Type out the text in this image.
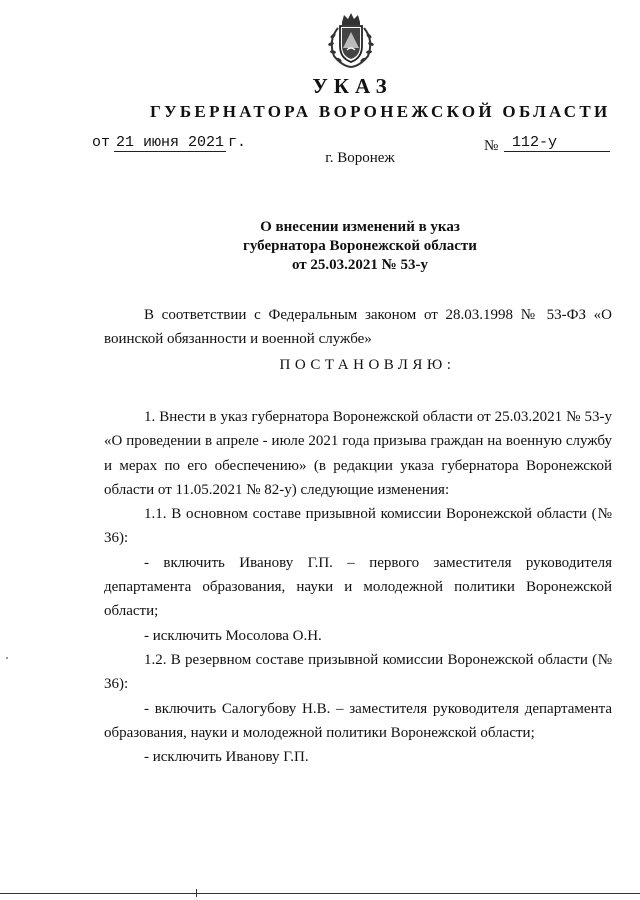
УКАЗ
ГУБЕРНАТОРА ВОРОНЕЖСКОЙ ОБЛАСТИ
от 21 июня 2021 г.	№ 112-у
г. Воронеж
О внесении изменений в указ
губернатора Воронежской области
от 25.03.2021 № 53-у

В соответствии с Федеральным законом от 28.03.1998 № 53-ФЗ «О воинской обязанности и военной службе»

ПОСТАНОВЛЯЮ:

1. Внести в указ губернатора Воронежской области от 25.03.2021 № 53-у «О проведении в апреле - июле 2021 года призыва граждан на военную службу и мерах по его обеспечению» (в редакции указа губернатора Воронежской области от 11.05.2021 № 82-у) следующие изменения:

1.1. В основном составе призывной комиссии Воронежской области (№ 36):

- включить Иванову Г.П. – первого заместителя руководителя департамента образования, науки и молодежной политики Воронежской области;

- исключить Мосолова О.Н.

1.2. В резервном составе призывной комиссии Воронежской области (№ 36):

- включить Салогубову Н.В. – заместителя руководителя департамента образования, науки и молодежной политики Воронежской области;

- исключить Иванову Г.П.
